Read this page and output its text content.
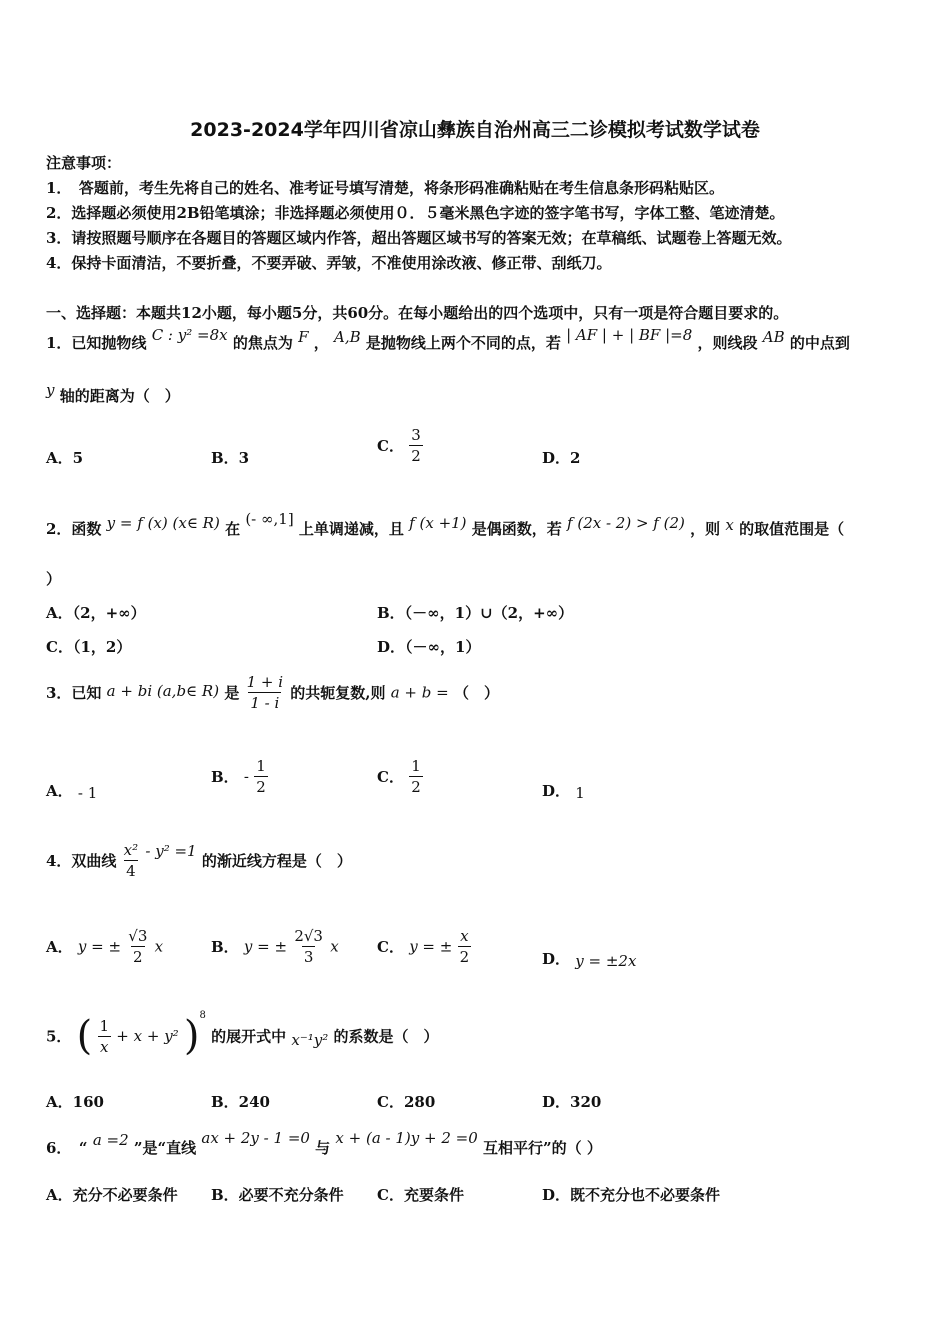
2023-2024学年四川省凉山彝族自治州高三二诊模拟考试数学试卷
注意事项：
1．　答题前，考生先将自己的姓名、准考证号填写清楚，将条形码准确粘贴在考生信息条形码粘贴区。
2．选择题必须使用2B铅笔填涂；非选择题必须使用０．５毫米黑色字迹的签字笔书写，字体工整、笔迹清楚。
3．请按照题号顺序在各题目的答题区域内作答，超出答题区域书写的答案无效；在草稿纸、试题卷上答题无效。
4．保持卡面清洁，不要折叠，不要弄破、弄皱，不准使用涂改液、修正带、刮纸刀。
一、选择题：本题共12小题，每小题5分，共60分。在每小题给出的四个选项中，只有一项是符合题目要求的。
1．已知抛物线 C : y² =8x 的焦点为 F ， A,B 是抛物线上两个不同的点，若 | AF | + | BF |=8 ，则线段 AB 的中点到
y 轴的距离为（　）
A．5	B．3
C． $\frac{3}{2}$	D．2
2．函数 y = f (x) (x∈ R) 在 (- ∞,1] 上单调递减，且 f (x +1) 是偶函数，若 f (2x - 2) > f (2) ，则 x 的取值范围是（
）
A．（2，+∞）	B．（－∞，1）∪（2，+∞）
C．（1，2）	D．（－∞，1）
3．已知 a + bi (a,b∈ R) 是 $\frac{1 + i}{1 - i}$ 的共轭复数,则 a + b = （　）
A． - 1
B． - $\frac{1}{2}$	C． $\frac{1}{2}$	D． 1
4．双曲线 $\frac{\text{x²}}{4} - y^2 =1$ 的渐近线方程是（　）
A． y = ± $\frac{√3}{2}$ x	B． y = ± $\frac{2√3}{3}$ x	C． y = ± $\frac{x}{2}$	D． y = ±2x
5． ( $\frac{1}{x} + x + y^2$ )$^8$ 的展开式中 x⁻¹y² 的系数是（　）
A．160	B．240	C．280	D．320
6．　“ a =2 ”是“直线 ax + 2y - 1 =0 与 x + (a - 1)y + 2 =0 互相平行”的（ ）
A．充分不必要条件 B．必要不充分条件 C．充要条件	D．既不充分也不必要条件
